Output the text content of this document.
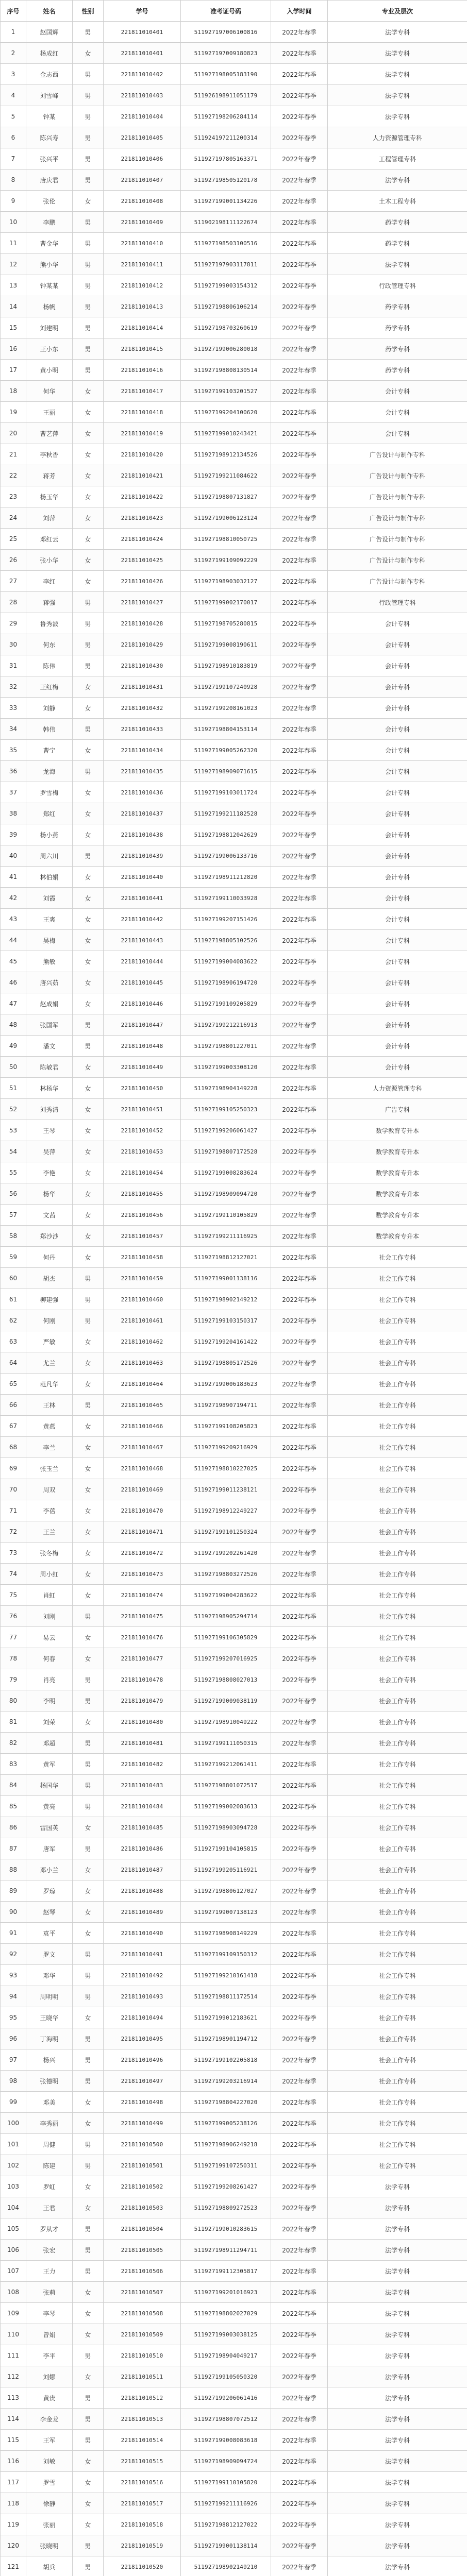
序号	姓名	性别	学号	准考证号码	入学时间	专业及层次
1	赵国辉	男	221811010401	511927197006100816	2022年春季	法学专科
2	杨成红	女	221811010401	511927197009180823	2022年春季	法学专科
3	金志西	男	221811010402	511927198005183190	2022年春季	法学专科
4	刘雪峰	男	221811010403	511926198911051179	2022年春季	法学专科
5	钟某	男	221811010404	511927198206284114	2022年春季	法学专科
6	陈兴寿	男	221811010405	511924197211200314	2022年春季	人力资源管理专科
7	张兴平	男	221811010406	511927197805163371	2022年春季	工程管理专科
8	唐庆君	男	221811010407	511927198505120178	2022年春季	法学专科
9	张伦	女	221811010408	511927199001134226	2022年春季	土木工程专科
10	李鹏	男	221811010409	511902198111122674	2022年春季	药学专科
11	曹金华	男	221811010410	511927198503100516	2022年春季	药学专科
12	熊小华	男	221811010411	511927197903117811	2022年春季	法学专科
13	钟某某	男	221811010412	511927199003154312	2022年春季	行政管理专科
14	杨帆	男	221811010413	511927198806106214	2022年春季	药学专科
15	刘建明	男	221811010414	511927198703260619	2022年春季	药学专科
16	王小东	男	221811010415	511927199006280018	2022年春季	药学专科
17	黄小明	男	221811010416	511927198808130514	2022年春季	药学专科
18	何华	女	221811010417	511927199103201527	2022年春季	会计专科
19	王丽	女	221811010418	511927199204100620	2022年春季	会计专科
20	曹艺萍	女	221811010419	511927199010243421	2022年春季	会计专科
21	李秋香	女	221811010420	511927198912134526	2022年春季	广告设计与制作专科
22	蒋芳	女	221811010421	511927199211084622	2022年春季	广告设计与制作专科
23	杨玉华	女	221811010422	511927198807131827	2022年春季	广告设计与制作专科
24	刘萍	女	221811010423	511927199006123124	2022年春季	广告设计与制作专科
25	邓红云	女	221811010424	511927198810050725	2022年春季	广告设计与制作专科
26	张小华	女	221811010425	511927199109092229	2022年春季	广告设计与制作专科
27	李红	女	221811010426	511927198903032127	2022年春季	广告设计与制作专科
28	蒋强	男	221811010427	511927199002170017	2022年春季	行政管理专科
29	鲁秀波	男	221811010428	511927198705280815	2022年春季	会计专科
30	何东	男	221811010429	511927199008190611	2022年春季	会计专科
31	陈伟	男	221811010430	511927198910183819	2022年春季	会计专科
32	王红梅	女	221811010431	511927199107240928	2022年春季	会计专科
33	刘静	女	221811010432	511927199208161023	2022年春季	会计专科
34	韩伟	男	221811010433	511927198804153114	2022年春季	会计专科
35	曹宁	女	221811010434	511927199005262320	2022年春季	会计专科
36	龙海	男	221811010435	511927198909071615	2022年春季	会计专科
37	罗雪梅	女	221811010436	511927199103011724	2022年春季	会计专科
38	郑红	女	221811010437	511927199211182528	2022年春季	会计专科
39	杨小燕	女	221811010438	511927198812042629	2022年春季	会计专科
40	周六川	男	221811010439	511927199006133716	2022年春季	会计专科
41	林伯娟	女	221811010440	511927198911212820	2022年春季	会计专科
42	刘霞	女	221811010441	511927199110033928	2022年春季	会计专科
43	王爽	女	221811010442	511927199207151426	2022年春季	会计专科
44	吴梅	女	221811010443	511927198805102526	2022年春季	会计专科
45	熊敏	女	221811010444	511927199004083622	2022年春季	会计专科
46	唐兴茹	女	221811010445	511927198906194720	2022年春季	会计专科
47	赵成娟	女	221811010446	511927199109205829	2022年春季	会计专科
48	张国军	男	221811010447	511927199212216913	2022年春季	会计专科
49	潘文	男	221811010448	511927198801227011	2022年春季	会计专科
50	陈敏君	女	221811010449	511927199003308120	2022年春季	会计专科
51	林杨华	女	221811010450	511927198904149228	2022年春季	人力资源管理专科
52	刘秀清	女	221811010451	511927199105250323	2022年春季	广告专科
53	王琴	女	221811010452	511927199206061427	2022年春季	数学教育专升本
54	吴萍	女	221811010453	511927198807172528	2022年春季	数学教育专升本
55	李艳	女	221811010454	511927199008283624	2022年春季	数学教育专升本
56	杨华	女	221811010455	511927198909094720	2022年春季	数学教育专升本
57	文茜	女	221811010456	511927199110105829	2022年春季	数学教育专升本
58	郑沙沙	女	221811010457	511927199211116925	2022年春季	数学教育专升本
59	何丹	女	221811010458	511927198812127021	2022年春季	社会工作专科
60	胡杰	男	221811010459	511927199001138116	2022年春季	社会工作专科
61	柳建强	男	221811010460	511927198902149212	2022年春季	社会工作专科
62	何刚	男	221811010461	511927199103150317	2022年春季	社会工作专科
63	严敏	女	221811010462	511927199204161422	2022年春季	社会工作专科
64	尤兰	女	221811010463	511927198805172526	2022年春季	社会工作专科
65	范凡华	女	221811010464	511927199006183623	2022年春季	社会工作专科
66	王林	男	221811010465	511927198907194711	2022年春季	社会工作专科
67	黄燕	女	221811010466	511927199108205823	2022年春季	社会工作专科
68	李兰	女	221811010467	511927199209216929	2022年春季	社会工作专科
69	张玉兰	女	221811010468	511927198810227025	2022年春季	社会工作专科
70	周双	女	221811010469	511927199011238121	2022年春季	社会工作专科
71	李蓓	女	221811010470	511927198912249227	2022年春季	社会工作专科
72	王兰	女	221811010471	511927199101250324	2022年春季	社会工作专科
73	张冬梅	女	221811010472	511927199202261420	2022年春季	社会工作专科
74	周小红	女	221811010473	511927198803272526	2022年春季	社会工作专科
75	肖虹	女	221811010474	511927199004283622	2022年春季	社会工作专科
76	刘刚	男	221811010475	511927198905294714	2022年春季	社会工作专科
77	易云	女	221811010476	511927199106305829	2022年春季	社会工作专科
78	何春	女	221811010477	511927199207016925	2022年春季	社会工作专科
79	肖亮	男	221811010478	511927198808027013	2022年春季	社会工作专科
80	李明	男	221811010479	511927199009038119	2022年春季	社会工作专科
81	刘荣	女	221811010480	511927198910049222	2022年春季	社会工作专科
82	邓超	男	221811010481	511927199111050315	2022年春季	社会工作专科
83	黄军	男	221811010482	511927199212061411	2022年春季	社会工作专科
84	杨国华	男	221811010483	511927198801072517	2022年春季	社会工作专科
85	黄亮	男	221811010484	511927199002083613	2022年春季	社会工作专科
86	雷国英	女	221811010485	511927198903094728	2022年春季	社会工作专科
87	唐军	男	221811010486	511927199104105815	2022年春季	社会工作专科
88	邓小兰	女	221811010487	511927199205116921	2022年春季	社会工作专科
89	罗琼	女	221811010488	511927198806127027	2022年春季	社会工作专科
90	赵琴	女	221811010489	511927199007138123	2022年春季	社会工作专科
91	袁平	女	221811010490	511927198908149229	2022年春季	社会工作专科
92	罗文	男	221811010491	511927199109150312	2022年春季	社会工作专科
93	邓华	男	221811010492	511927199210161418	2022年春季	社会工作专科
94	周明明	男	221811010493	511927198811172514	2022年春季	社会工作专科
95	王晓华	女	221811010494	511927199012183621	2022年春季	社会工作专科
96	丁海明	男	221811010495	511927198901194712	2022年春季	社会工作专科
97	杨兴	男	221811010496	511927199102205818	2022年春季	社会工作专科
98	张德明	男	221811010497	511927199203216914	2022年春季	社会工作专科
99	邓美	女	221811010498	511927198804227020	2022年春季	社会工作专科
100	李秀丽	女	221811010499	511927199005238126	2022年春季	社会工作专科
101	周健	男	221811010500	511927198906249218	2022年春季	社会工作专科
102	陈建	男	221811010501	511927199107250311	2022年春季	社会工作专科
103	罗虹	女	221811010502	511927199208261427	2022年春季	法学专科
104	王君	女	221811010503	511927198809272523	2022年春季	法学专科
105	罗从才	男	221811010504	511927199010283615	2022年春季	法学专科
106	张宏	男	221811010505	511927198911294711	2022年春季	法学专科
107	王力	男	221811010506	511927199112305817	2022年春季	法学专科
108	张莉	女	221811010507	511927199201016923	2022年春季	法学专科
109	李琴	女	221811010508	511927198802027029	2022年春季	法学专科
110	曾娟	女	221811010509	511927199003038125	2022年春季	法学专科
111	李平	男	221811010510	511927198904049217	2022年春季	法学专科
112	刘娜	女	221811010511	511927199105050320	2022年春季	法学专科
113	黄贵	男	221811010512	511927199206061416	2022年春季	法学专科
114	李金龙	男	221811010513	511927198807072512	2022年春季	法学专科
115	王军	男	221811010514	511927199008083618	2022年春季	法学专科
116	刘敏	女	221811010515	511927198909094724	2022年春季	法学专科
117	罗雪	女	221811010516	511927199110105820	2022年春季	法学专科
118	徐静	女	221811010517	511927199211116926	2022年春季	法学专科
119	张丽	女	221811010518	511927198812127022	2022年春季	法学专科
120	张晓明	男	221811010519	511927199001138114	2022年春季	法学专科
121	胡兵	男	221811010520	511927198902149210	2022年春季	法学专科
